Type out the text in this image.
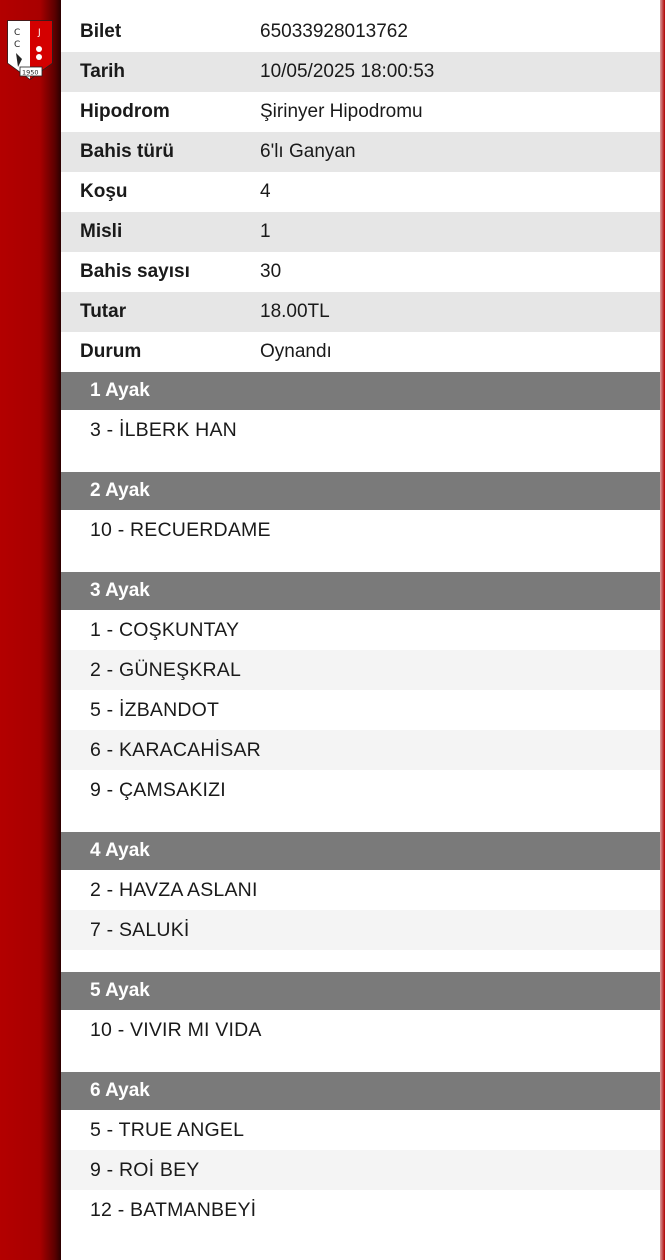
C
C
J
1950
Bilet	65033928013762
Tarih	10/05/2025 18:00:53
Hipodrom	Şirinyer Hipodromu
Bahis türü	6'lı Ganyan
Koşu	4
Misli	1
Bahis sayısı	30
Tutar	18.00TL
Durum	Oynandı
1 Ayak
3 - İLBERK HAN
2 Ayak
10 - RECUERDAME
3 Ayak
1 - COŞKUNTAY
2 - GÜNEŞKRAL
5 - İZBANDOT
6 - KARACAHİSAR
9 - ÇAMSAKIZI
4 Ayak
2 - HAVZA ASLANI
7 - SALUKİ
5 Ayak
10 - VIVIR MI VIDA
6 Ayak
5 - TRUE ANGEL
9 - ROİ BEY
12 - BATMANBEYİ
